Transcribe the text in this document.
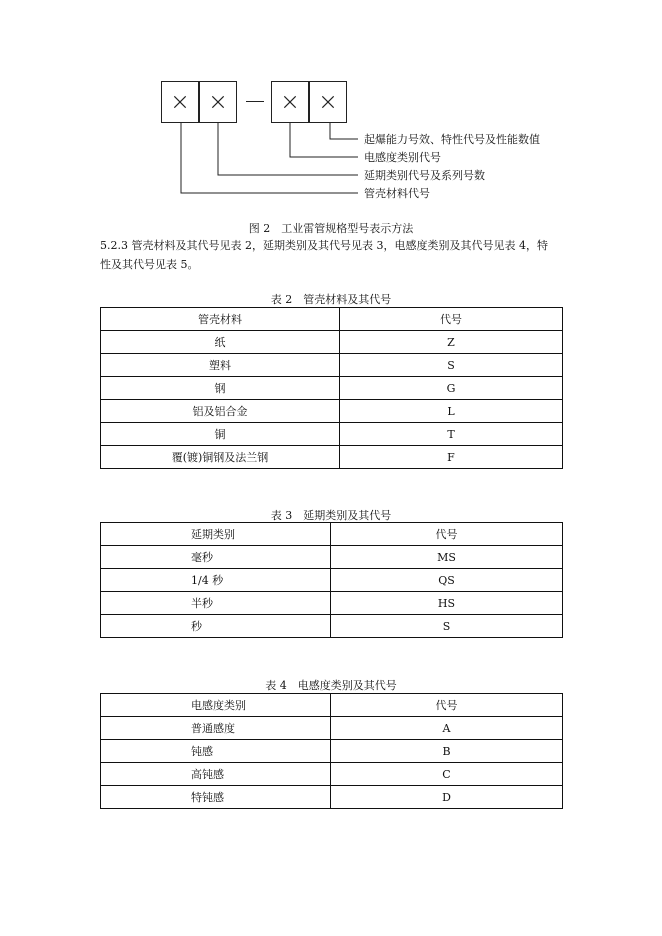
起爆能力号效、特性代号及性能数值
电感度类别代号
延期类别代号及系列号数
管壳材料代号
图 2　工业雷管规格型号表示方法
5.2.3 管壳材料及其代号见表 2，延期类别及其代号见表 3，电感度类别及其代号见表 4，特
性及其代号见表 5。
表 2　管壳材料及其代号
管壳材料	代号
纸	Z
塑料	S
钢	G
铝及铝合金	L
铜	T
覆(镀)铜钢及法兰钢	F
表 3　延期类别及其代号
延期类别	代号
毫秒	MS
1/4 秒	QS
半秒	HS
秒	S
表 4　电感度类别及其代号
电感度类别	代号
普通感度	A
钝感	B
高钝感	C
特钝感	D
